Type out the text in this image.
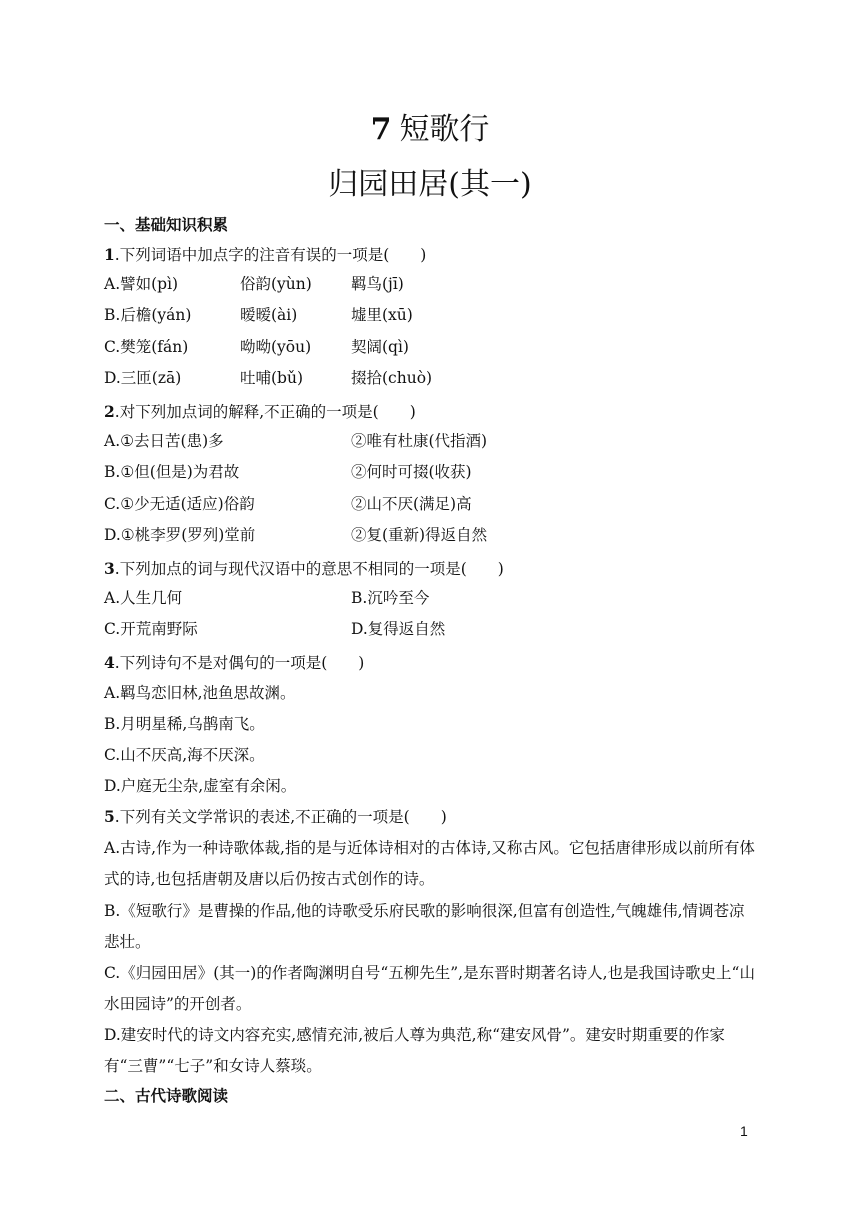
7 短歌行
归园田居(其一)
一、基础知识积累
1.下列词语中加点字的注音有误的一项是(　　)
A.譬如(pì)	俗韵(yùn)	羁鸟(jī)
B.后檐(yán)	暧暧(ài)	墟里(xū)
C.樊笼(fán)	呦呦(yōu)	契阔(qì)
D.三匝(zā)	吐哺(bǔ)	掇拾(chuò)
2.对下列加点词的解释,不正确的一项是(　　)
A.①去日苦(患)多	②唯有杜康(代指酒)
B.①但(但是)为君故	②何时可掇(收获)
C.①少无适(适应)俗韵	②山不厌(满足)高
D.①桃李罗(罗列)堂前	②复(重新)得返自然
3.下列加点的词与现代汉语中的意思不相同的一项是(　　)
A.人生几何	B.沉吟至今
C.开荒南野际	D.复得返自然
4.下列诗句不是对偶句的一项是(　　)
A.羁鸟恋旧林,池鱼思故渊。
B.月明星稀,乌鹊南飞。
C.山不厌高,海不厌深。
D.户庭无尘杂,虚室有余闲。
5.下列有关文学常识的表述,不正确的一项是(　　)
A.古诗,作为一种诗歌体裁,指的是与近体诗相对的古体诗,又称古风。它包括唐律形成以前所有体式的诗,也包括唐朝及唐以后仍按古式创作的诗。
B.《短歌行》是曹操的作品,他的诗歌受乐府民歌的影响很深,但富有创造性,气魄雄伟,情调苍凉悲壮。
C.《归园田居》(其一)的作者陶渊明自号“五柳先生”,是东晋时期著名诗人,也是我国诗歌史上“山水田园诗”的开创者。
D.建安时代的诗文内容充实,感情充沛,被后人尊为典范,称“建安风骨”。建安时期重要的作家有“三曹”“七子”和女诗人蔡琰。
二、古代诗歌阅读
1
